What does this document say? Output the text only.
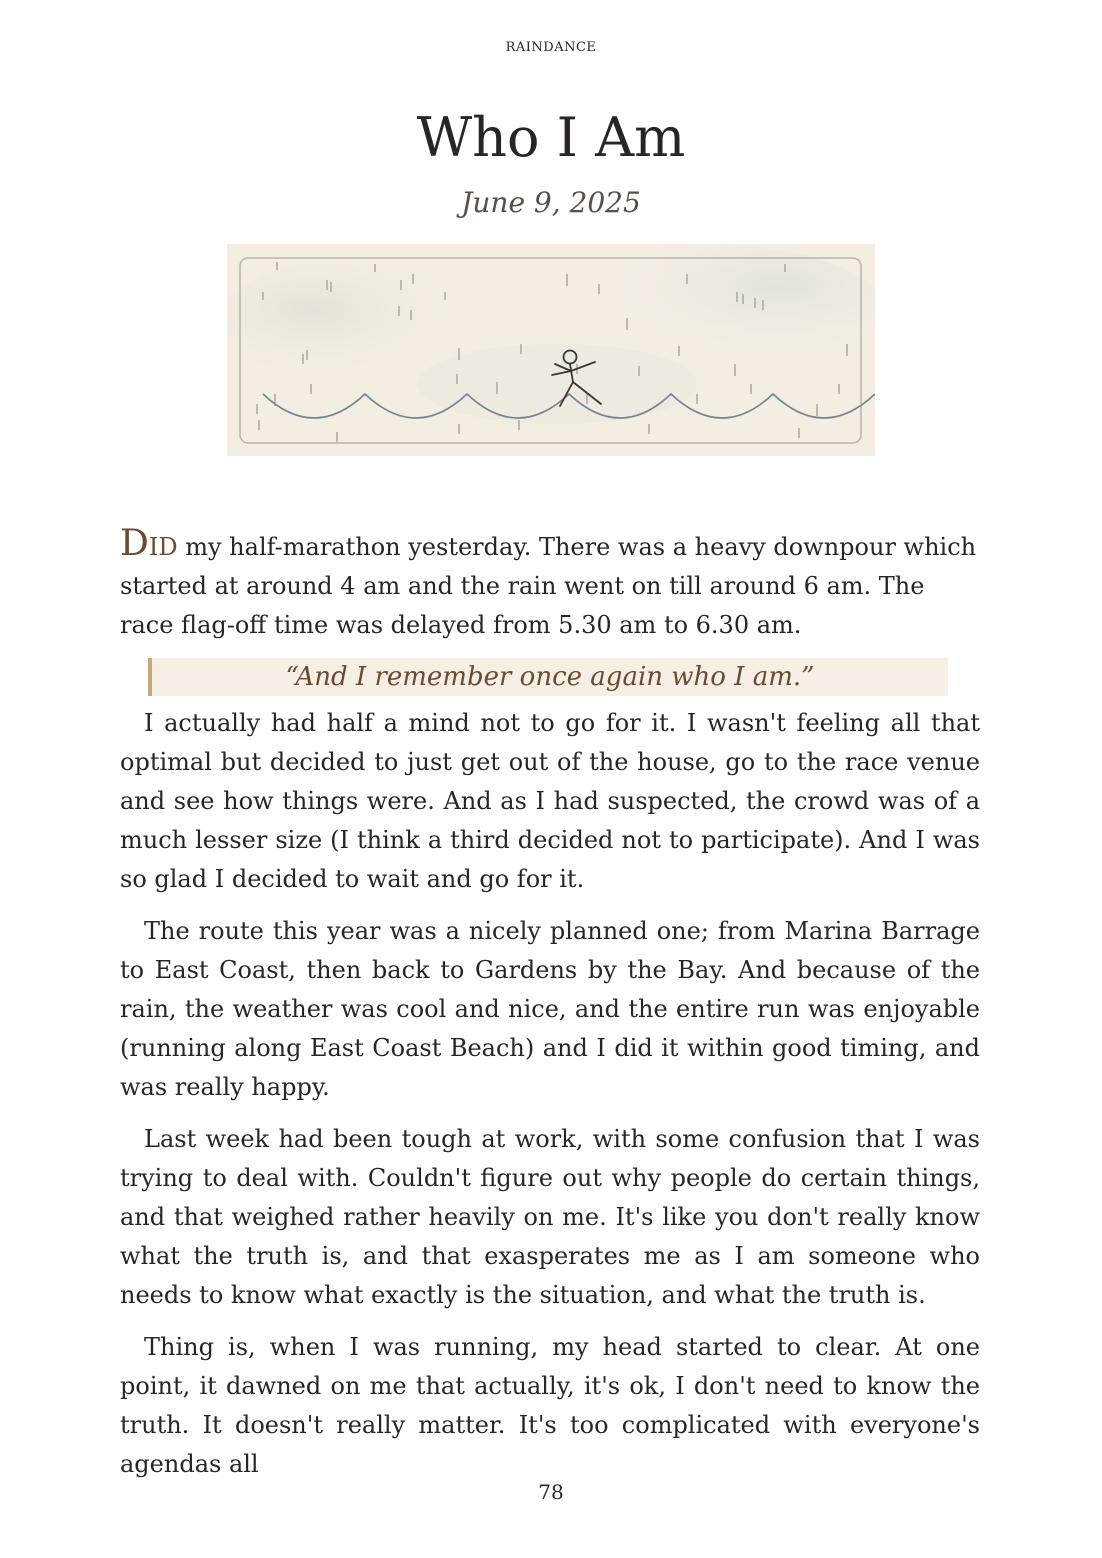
RAINDANCE
Who I Am
June 9, 2025

DID my half-marathon yesterday. There was a heavy downpour which started at around 4 am and the rain went on till around 6 am. The race flag-off time was delayed from 5.30 am to 6.30 am.

“And I remember once again who I am.”

I actually had half a mind not to go for it. I wasn't feeling all that optimal but decided to just get out of the house, go to the race venue and see how things were. And as I had suspected, the crowd was of a much lesser size (I think a third decided not to participate). And I was so glad I decided to wait and go for it.

The route this year was a nicely planned one; from Marina Barrage to East Coast, then back to Gardens by the Bay. And because of the rain, the weather was cool and nice, and the entire run was enjoyable (running along East Coast Beach) and I did it within good timing, and was really happy.

Last week had been tough at work, with some confusion that I was trying to deal with. Couldn't figure out why people do certain things, and that weighed rather heavily on me. It's like you don't really know what the truth is, and that exasperates me as I am someone who needs to know what exactly is the situation, and what the truth is.

Thing is, when I was running, my head started to clear. At one point, it dawned on me that actually, it's ok, I don't need to know the truth. It doesn't really matter. It's too complicated with everyone's agendas all

78
